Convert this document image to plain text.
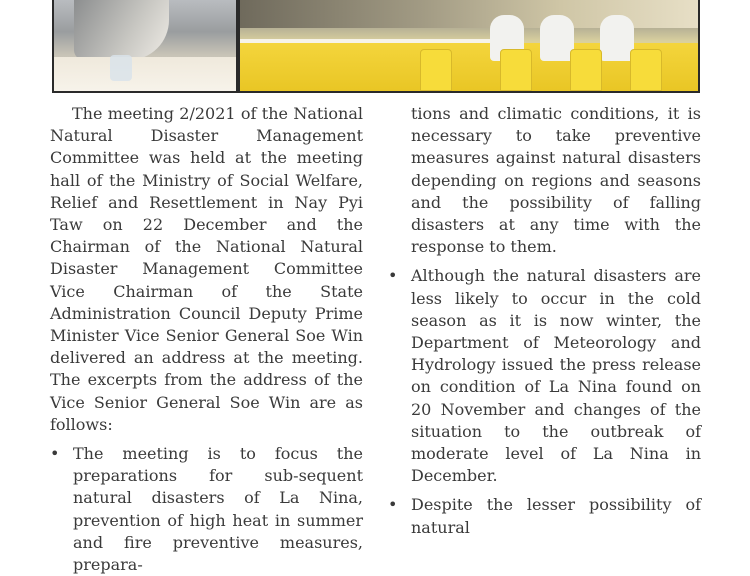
The meeting 2/2021 of the National Natural Disaster Management Committee was held at the meeting hall of the Ministry of Social Welfare, Relief and Resettlement in Nay Pyi Taw on 22 December and the Chairman of the National Natural Disaster Management Committee Vice Chairman of the State Administration Council Deputy Prime Minister Vice Senior General Soe Win delivered an address at the meeting. The excerpts from the address of the Vice Senior General Soe Win are as follows:

• The meeting is to focus the preparations for sub-sequent natural disasters of La Nina, prevention of high heat in summer and fire preventive measures, prepara-

tions and climatic conditions, it is necessary to take preventive measures against natural disasters depending on regions and seasons and the possibility of falling disasters at any time with the response to them.

• Although the natural disasters are less likely to occur in the cold season as it is now winter, the Department of Meteorology and Hydrology issued the press release on condition of La Nina found on 20 November and changes of the situation to the outbreak of moderate level of La Nina in December.
• Despite the lesser possibility of natural
